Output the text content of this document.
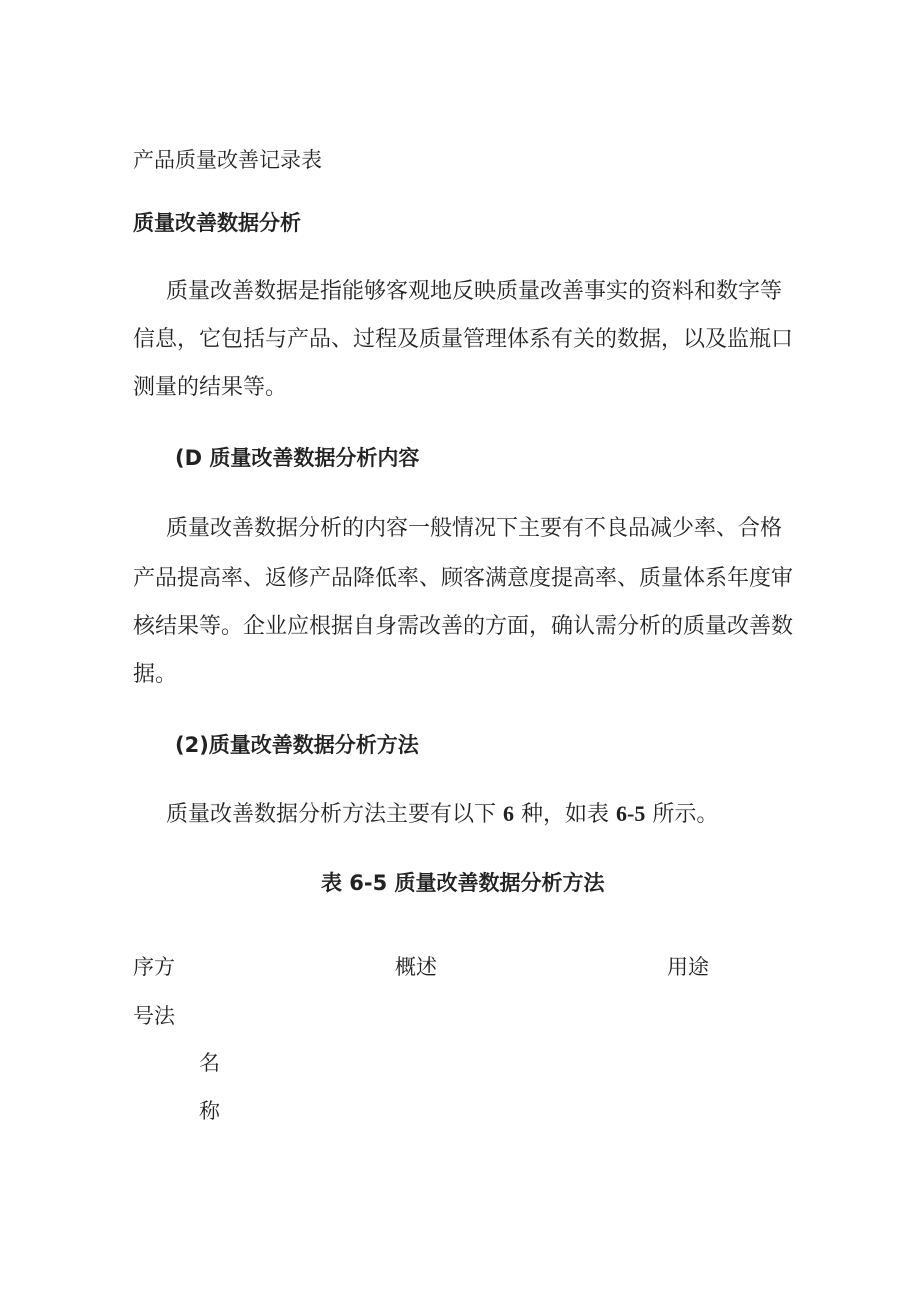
产品质量改善记录表
质量改善数据分析
质量改善数据是指能够客观地反映质量改善事实的资料和数字等
信息，它包括与产品、过程及质量管理体系有关的数据，以及监瓶口
测量的结果等。
(D 质量改善数据分析内容
质量改善数据分析的内容一般情况下主要有不良品减少率、合格
产品提高率、返修产品降低率、顾客满意度提高率、质量体系年度审
核结果等。企业应根据自身需改善的方面，确认需分析的质量改善数
据。
(2)质量改善数据分析方法
质量改善数据分析方法主要有以下 6 种，如表 6-5 所示。
表 6-5 质量改善数据分析方法
序方
号法
名
称
概述	用途
